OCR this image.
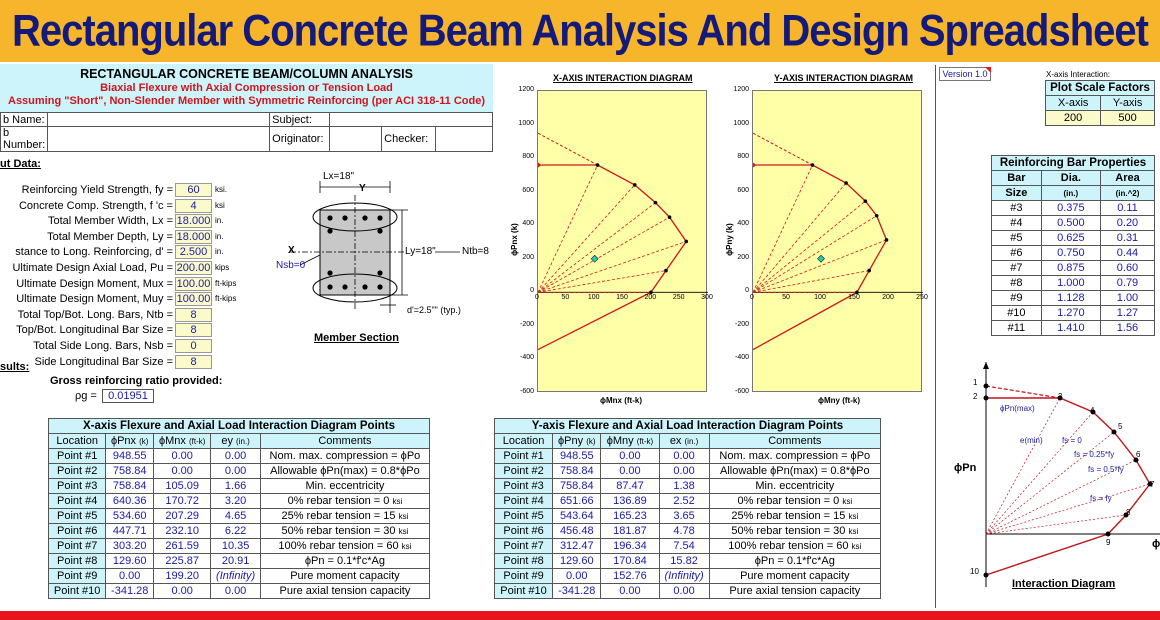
Rectangular Concrete Beam Analysis And Design Spreadsheet
RECTANGULAR CONCRETE BEAM/COLUMN ANALYSIS
Biaxial Flexure with Axial Compression or Tension Load
Assuming "Short", Non-Slender Member with Symmetric Reinforcing (per ACI 318-11 Code)
b Name:		Subject:			
b Number:		Originator:		Checker:	
ut Data:
Reinforcing Yield Strength, fy =	60	ksi.
Concrete Comp. Strength, f 'c =	4	ksi
Total Member Width, Lx = 18.000 in.
Total Member Depth, Ly = 18.000 in.
stance to Long. Reinforcing, d' = 2.500 in.
Ultimate Design Axial Load, Pu = 200.00 kips
Ultimate Design Moment, Mux = 100.00 ft-kips
Ultimate Design Moment, Muy = 100.00 ft-kips
Total Top/Bot. Long. Bars, Ntb =	8
Top/Bot. Longitudinal Bar Size =	8
Total Side Long. Bars, Nsb =	0
Side Longitudinal Bar Size =	8
sults:
Gross reinforcing ratio provided:
ρg =	0.01951
Lx=18"
Y
X	Ly=18"	Ntb=8
Nsb=0
d'=2.5"" (typ.)
Member Section
X-AXIS INTERACTION DIAGRAM
ϕPnx (k)
ϕMnx (ft-k)
1200
1000
800
600
400
200
0
-200
-400
-600
0	50	100	150	200	250	300
Y-AXIS INTERACTION DIAGRAM
ϕPny (k)
ϕMny (ft-k)
1200
1000
800
600
400
200
0
-200
-400
-600
0	50	100	150	200	250
X-axis Flexure and Axial Load Interaction Diagram Points				
Location	ϕPnx (k)	ϕMnx (ft-k)	ey (in.)	Comments
Point #1	948.55	0.00	0.00	Nom. max. compression = ϕPo
Point #2	758.84	0.00	0.00	Allowable ϕPn(max) = 0.8*ϕPo
Point #3	758.84	105.09	1.66	Min. eccentricity
Point #4	640.36	170.72	3.20	0% rebar tension = 0 ksi
Point #5	534.60	207.29	4.65	25% rebar tension = 15 ksi
Point #6	447.71	232.10	6.22	50% rebar tension = 30 ksi
Point #7	303.20	261.59	10.35	100% rebar tension = 60 ksi
Point #8	129.60	225.87	20.91	ϕPn = 0.1*f'c*Ag
Point #9	0.00	199.20	(Infinity)	Pure moment capacity
Point #10	-341.28	0.00	0.00	Pure axial tension capacity
Y-axis Flexure and Axial Load Interaction Diagram Points				
Location	ϕPny (k)	ϕMny (ft-k)	ex (in.)	Comments
Point #1	948.55	0.00	0.00	Nom. max. compression = ϕPo
Point #2	758.84	0.00	0.00	Allowable ϕPn(max) = 0.8*ϕPo
Point #3	758.84	87.47	1.38	Min. eccentricity
Point #4	651.66	136.89	2.52	0% rebar tension = 0 ksi
Point #5	543.64	165.23	3.65	25% rebar tension = 15 ksi
Point #6	456.48	181.87	4.78	50% rebar tension = 30 ksi
Point #7	312.47	196.34	7.54	100% rebar tension = 60 ksi
Point #8	129.60	170.84	15.82	ϕPn = 0.1*f'c*Ag
Point #9	0.00	152.76	(Infinity)	Pure moment capacity
Point #10	-341.28	0.00	0.00	Pure axial tension capacity
Version 1.0	X-axis Interaction:
Plot Scale Factors	
X-axis	Y-axis
200	500
Reinforcing Bar Properties		
Bar	Dia.	Area
Size	(in.)	(in.^2)
#3	0.375	0.11
#4	0.500	0.20
#5	0.625	0.31
#6	0.750	0.44
#7	0.875	0.60
#8	1.000	0.79
#9	1.128	1.00
#10	1.270	1.27
#11	1.410	1.56
1
2	3
4
5
6
7
8
9
10
ϕPn
ϕ
ϕPn(max)
e(min) fs = 0
fs = 0.25*fy
fs = 0.5*fy
fs = fy
Interaction Diagram
